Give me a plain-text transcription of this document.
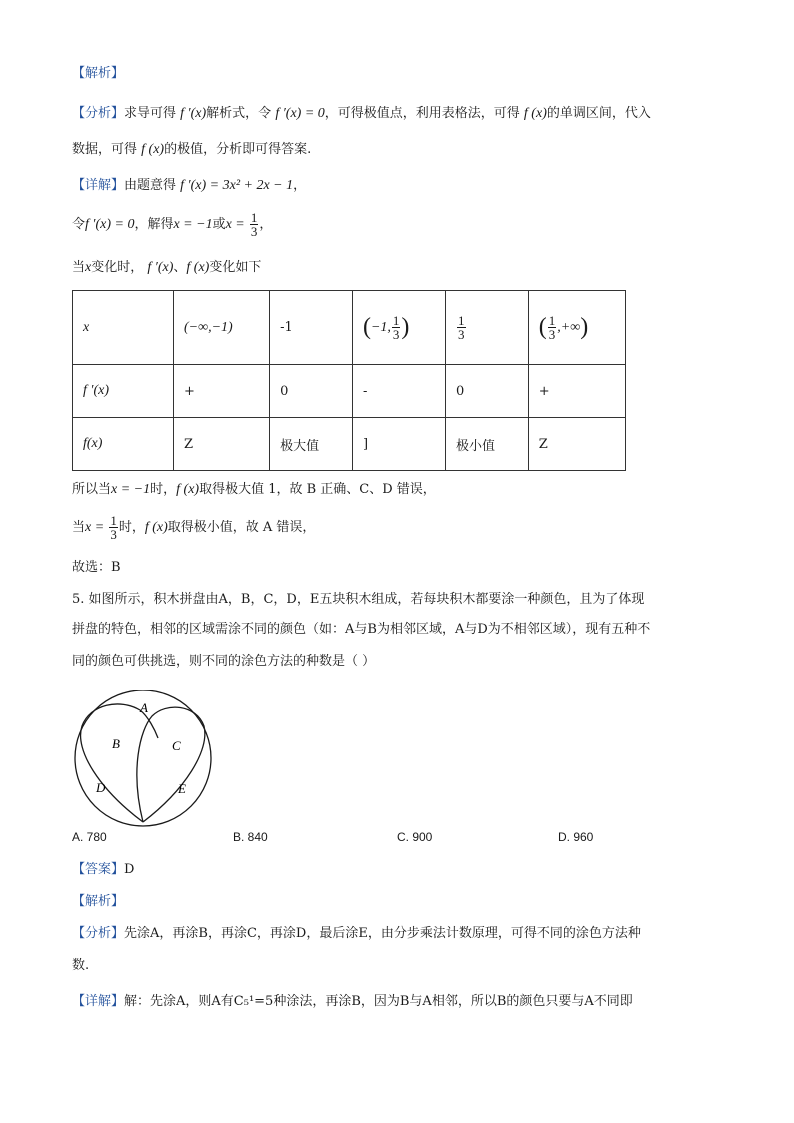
【解析】
【分析】求导可得 f ′(x)解析式，令 f ′(x) = 0，可得极值点，利用表格法，可得 f (x)的单调区间，代入
数据，可得 f (x)的极值，分析即可得答案.
【详解】由题意得 f ′(x) = 3x² + 2x − 1，
令f ′(x) = 0，解得x = −1或$x = \frac{1}{3}$ ，
当x变化时， f ′(x)、f (x)变化如下
x	(−∞,−1)	-1	(−1, $\frac{1}{3}$ )	$\frac{1}{3}$	( $\frac{1}{3}$ ,+∞)
f ′(x)	+	0	-	0	+
f(x)	Z	极大值	]	极小值	Z
所以当x = −1时，f (x)取得极大值 1，故 B 正确、C、D 错误，
当$x = \frac{1}{3}$ 时，f (x)取得极小值，故 A 错误，
故选：B
5. 如图所示，积木拼盘由A，B，C，D，E五块积木组成，若每块积木都要涂一种颜色，且为了体现
拼盘的特色，相邻的区域需涂不同的颜色（如：A与B为相邻区域，A与D为不相邻区域），现有五种不
同的颜色可供挑选，则不同的涂色方法的种数是（ ）
A
B	C
D	E
A. 780	B. 840	C. 900	D. 960
【答案】D
【解析】
【分析】先涂A，再涂B，再涂C，再涂D，最后涂E，由分步乘法计数原理，可得不同的涂色方法种
数.
【详解】解：先涂A，则A有C₅¹=5种涂法，再涂B，因为B与A相邻，所以B的颜色只要与A不同即
